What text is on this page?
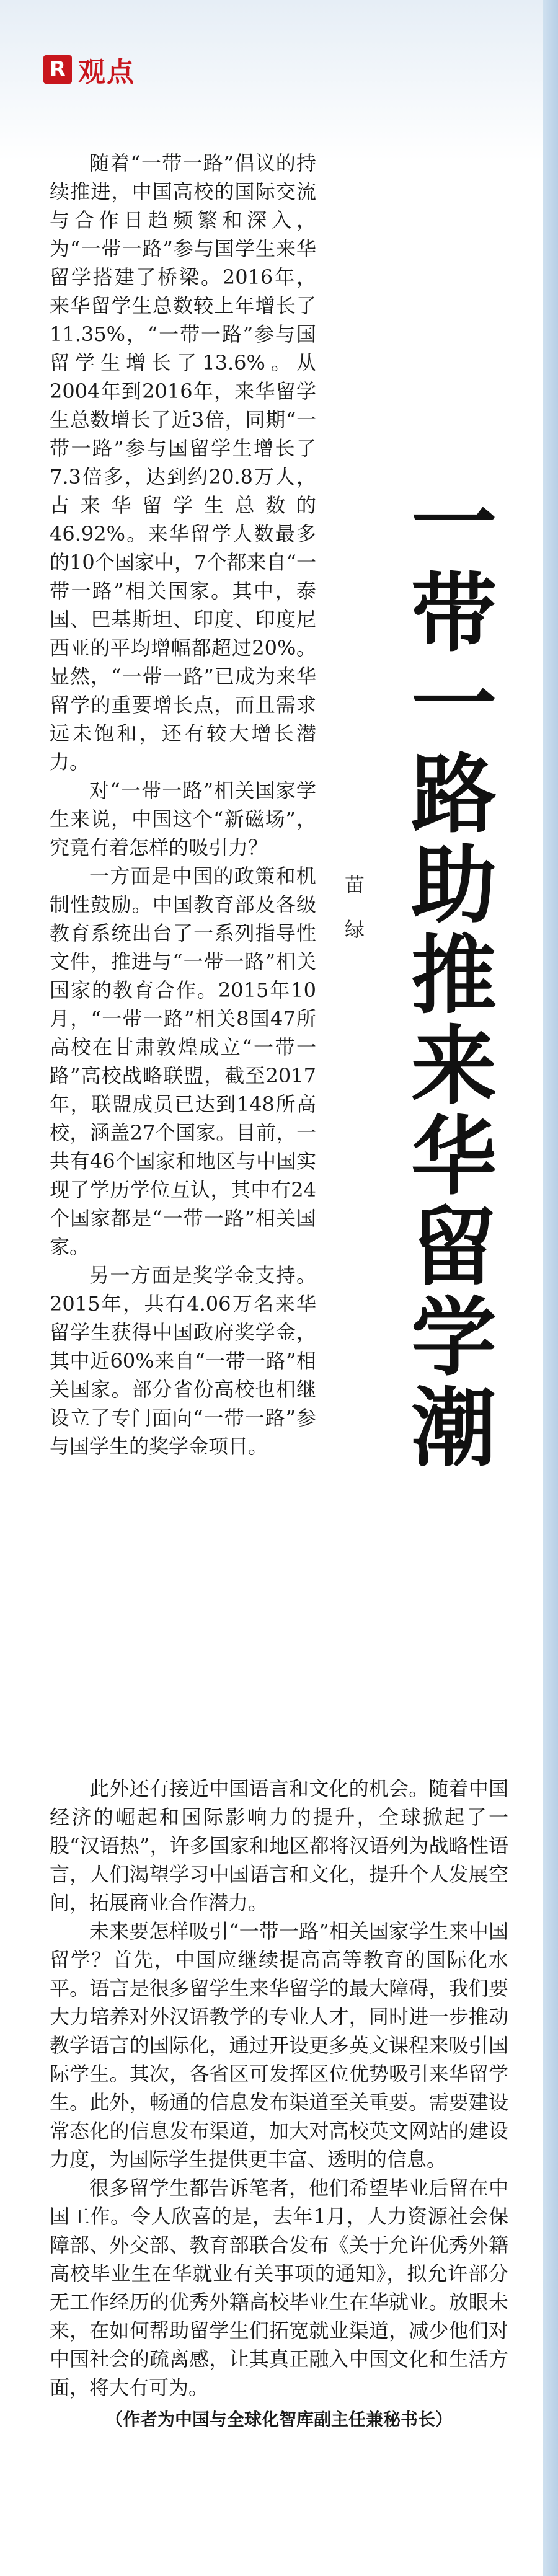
R 观点

随着“一带一路”倡议的持续推进，中国高校的国际交流与合作日趋频繁和深入，为“一带一路”参与国学生来华留学搭建了桥梁。2016年，来华留学生总数较上年增长了11.35%，“一带一路”参与国留学生增长了13.6%。从2004年到2016年，来华留学生总数增长了近3倍，同期“一带一路”参与国留学生增长了7.3倍多，达到约20.8万人，占来华留学生总数的46.92%。来华留学人数最多的10个国家中，7个都来自“一带一路”相关国家。其中，泰国、巴基斯坦、印度、印度尼西亚的平均增幅都超过20%。显然，“一带一路”已成为来华留学的重要增长点，而且需求远未饱和，还有较大增长潜力。

对“一带一路”相关国家学生来说，中国这个“新磁场”，究竟有着怎样的吸引力？

一方面是中国的政策和机制性鼓励。中国教育部及各级教育系统出台了一系列指导性文件，推进与“一带一路”相关国家的教育合作。2015年10月，“一带一路”相关8国47所高校在甘肃敦煌成立“一带一路”高校战略联盟，截至2017年，联盟成员已达到148所高校，涵盖27个国家。目前，一共有46个国家和地区与中国实现了学历学位互认，其中有24个国家都是“一带一路”相关国家。

另一方面是奖学金支持。2015年，共有4.06万名来华留学生获得中国政府奖学金，其中近60%来自“一带一路”相关国家。部分省份高校也相继设立了专门面向“一带一路”参与国学生的奖学金项目。	一带一路助推来华留学潮
苗绿

此外还有接近中国语言和文化的机会。随着中国经济的崛起和国际影响力的提升，全球掀起了一股“汉语热”，许多国家和地区都将汉语列为战略性语言，人们渴望学习中国语言和文化，提升个人发展空间，拓展商业合作潜力。

未来要怎样吸引“一带一路”相关国家学生来中国留学？首先，中国应继续提高高等教育的国际化水平。语言是很多留学生来华留学的最大障碍，我们要大力培养对外汉语教学的专业人才，同时进一步推动教学语言的国际化，通过开设更多英文课程来吸引国际学生。其次，各省区可发挥区位优势吸引来华留学生。此外，畅通的信息发布渠道至关重要。需要建设常态化的信息发布渠道，加大对高校英文网站的建设力度，为国际学生提供更丰富、透明的信息。

很多留学生都告诉笔者，他们希望毕业后留在中国工作。令人欣喜的是，去年1月，人力资源社会保障部、外交部、教育部联合发布《关于允许优秀外籍高校毕业生在华就业有关事项的通知》，拟允许部分无工作经历的优秀外籍高校毕业生在华就业。放眼未来，在如何帮助留学生们拓宽就业渠道，减少他们对中国社会的疏离感，让其真正融入中国文化和生活方面，将大有可为。

（作者为中国与全球化智库副主任兼秘书长）
